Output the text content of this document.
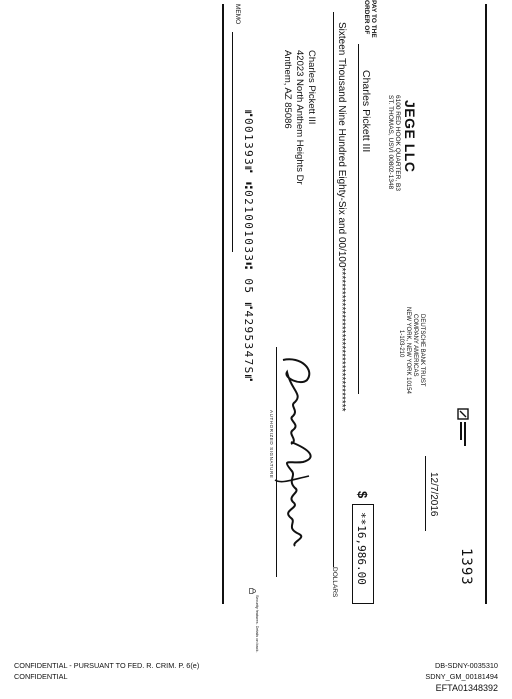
1393
JEGE LLC
6100 RED HOOK QUARTER, B3
ST. THOMAS, USVI 00802-1348
DEUTSCHE BANK TRUST
COMPANY AMERICAS
NEW YORK, NEW YORK 10154
1-103-210
12/7/2016
PAY TO THE
ORDER OF
Charles Pickett III
$
**16,986.00
Sixteen Thousand Nine Hundred Eighty-Six and 00/100*************************************
DOLLARS
Charles Pickett III
42023 North Anthem Heights Dr
Anthem, AZ 85086
AUTHORIZED SIGNATURE
MEMO
⑈001393⑈ ⑆021001033⑆ 05 ⑈4295347S⑈
Security features. Details on back.
CONFIDENTIAL - PURSUANT TO FED. R. CRIM. P. 6(e)
CONFIDENTIAL
DB-SDNY-0035310
SDNY_GM_00181494
EFTA01348392
